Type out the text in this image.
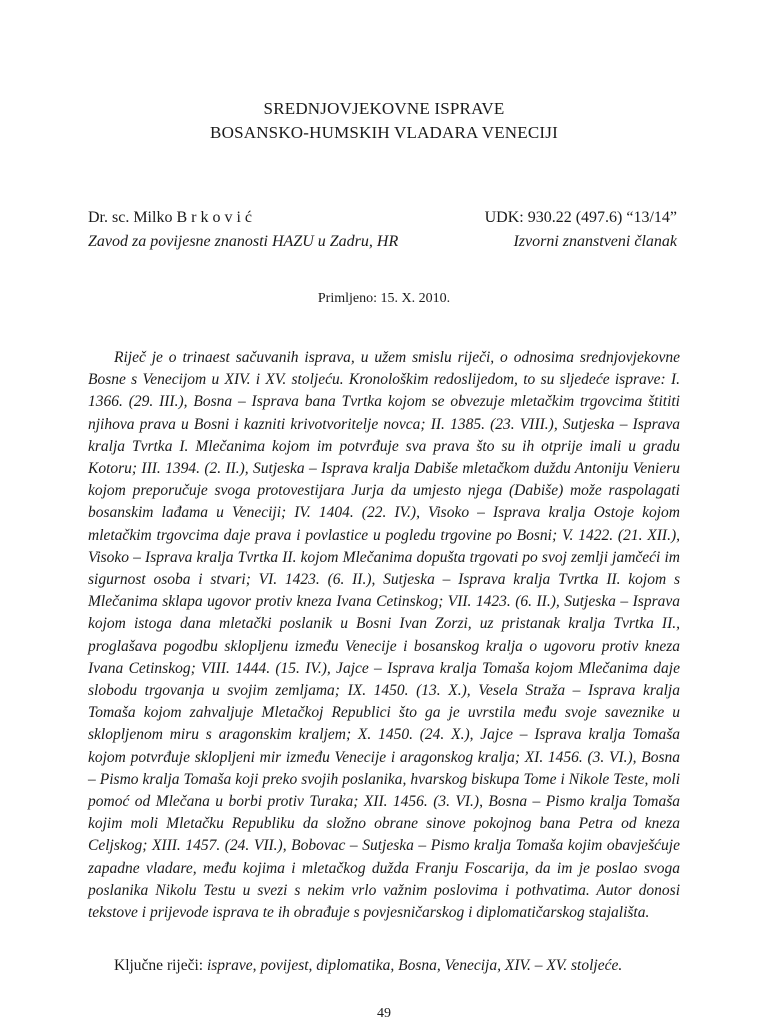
SREDNJOVJEKOVNE ISPRAVE
BOSANSKO-HUMSKIH VLADARA VENECIJI
Dr. sc. Milko B r k o v i ć
Zavod za povijesne znanosti HAZU u Zadru, HR
UDK: 930.22 (497.6) “13/14”
Izvorni znanstveni članak
Primljeno: 15. X. 2010.

Riječ je o trinaest sačuvanih isprava, u užem smislu riječi, o odnosima srednjovjekovne Bosne s Venecijom u XIV. i XV. stoljeću. Kronološkim redoslijedom, to su sljedeće isprave: I. 1366. (29. III.), Bosna – Isprava bana Tvrtka kojom se obvezuje mletačkim trgovcima štititi njihova prava u Bosni i kazniti krivotvoritelje novca; II. 1385. (23. VIII.), Sutjeska – Isprava kralja Tvrtka I. Mlečanima kojom im potvrđuje sva prava što su ih otprije imali u gradu Kotoru; III. 1394. (2. II.), Sutjeska – Isprava kralja Dabiše mletačkom duždu Antoniju Venieru kojom preporučuje svoga protovestijara Jurja da umjesto njega (Dabiše) može raspolagati bosanskim lađama u Veneciji; IV. 1404. (22. IV.), Visoko – Isprava kralja Ostoje kojom mletačkim trgovcima daje prava i povlastice u pogledu trgovine po Bosni; V. 1422. (21. XII.), Visoko – Isprava kralja Tvrtka II. kojom Mlečanima dopušta trgovati po svoj zemlji jamčeći im sigurnost osoba i stvari; VI. 1423. (6. II.), Sutjeska – Isprava kralja Tvrtka II. kojom s Mlečanima sklapa ugovor protiv kneza Ivana Cetinskog; VII. 1423. (6. II.), Sutjeska – Isprava kojom istoga dana mletački poslanik u Bosni Ivan Zorzi, uz pristanak kralja Tvrtka II., proglašava pogodbu sklopljenu između Venecije i bosanskog kralja o ugovoru protiv kneza Ivana Cetinskog; VIII. 1444. (15. IV.), Jajce – Isprava kralja Tomaša kojom Mlečanima daje slobodu trgovanja u svojim zemljama; IX. 1450. (13. X.), Vesela Straža – Isprava kralja Tomaša kojom zahvaljuje Mletačkoj Republici što ga je uvrstila među svoje saveznike u sklopljenom miru s aragonskim kraljem; X. 1450. (24. X.), Jajce – Isprava kralja Tomaša kojom potvrđuje sklopljeni mir između Venecije i aragonskog kralja; XI. 1456. (3. VI.), Bosna – Pismo kralja Tomaša koji preko svojih poslanika, hvarskog biskupa Tome i Nikole Teste, moli pomoć od Mlečana u borbi protiv Turaka; XII. 1456. (3. VI.), Bosna – Pismo kralja Tomaša kojim moli Mletačku Republiku da složno obrane sinove pokojnog bana Petra od kneza Celjskog; XIII. 1457. (24. VII.), Bobovac – Sutjeska – Pismo kralja Tomaša kojim obavješćuje zapadne vladare, među kojima i mletačkog dužda Franju Foscarija, da im je poslao svoga poslanika Nikolu Testu u svezi s nekim vrlo važnim poslovima i pothvatima. Autor donosi tekstove i prijevode isprava te ih obrađuje s povjesničarskog i diplomatičarskog stajališta.

Ključne riječi: isprave, povijest, diplomatika, Bosna, Venecija, XIV. – XV. stoljeće.
49
